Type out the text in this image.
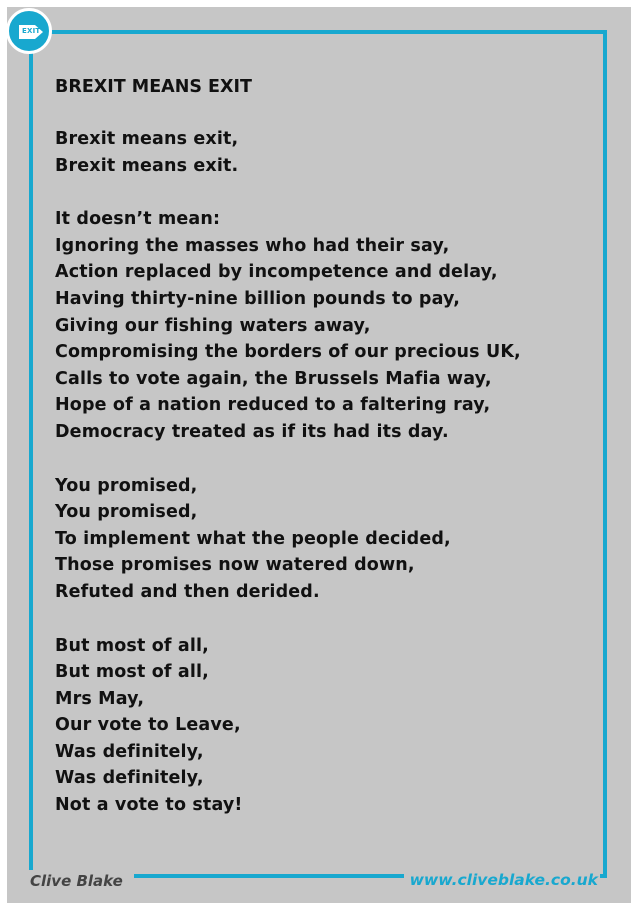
EXIT
BREXIT MEANS EXIT
Brexit means exit,
Brexit means exit.
It doesn’t mean:
Ignoring the masses who had their say,
Action replaced by incompetence and delay,
Having thirty-nine billion pounds to pay,
Giving our fishing waters away,
Compromising the borders of our precious UK,
Calls to vote again, the Brussels Mafia way,
Hope of a nation reduced to a faltering ray,
Democracy treated as if its had its day.
You promised,
You promised,
To implement what the people decided,
Those promises now watered down,
Refuted and then derided.
But most of all,
But most of all,
Mrs May,
Our vote to Leave,
Was definitely,
Was definitely,
Not a vote to stay!
Clive Blake	www.cliveblake.co.uk
